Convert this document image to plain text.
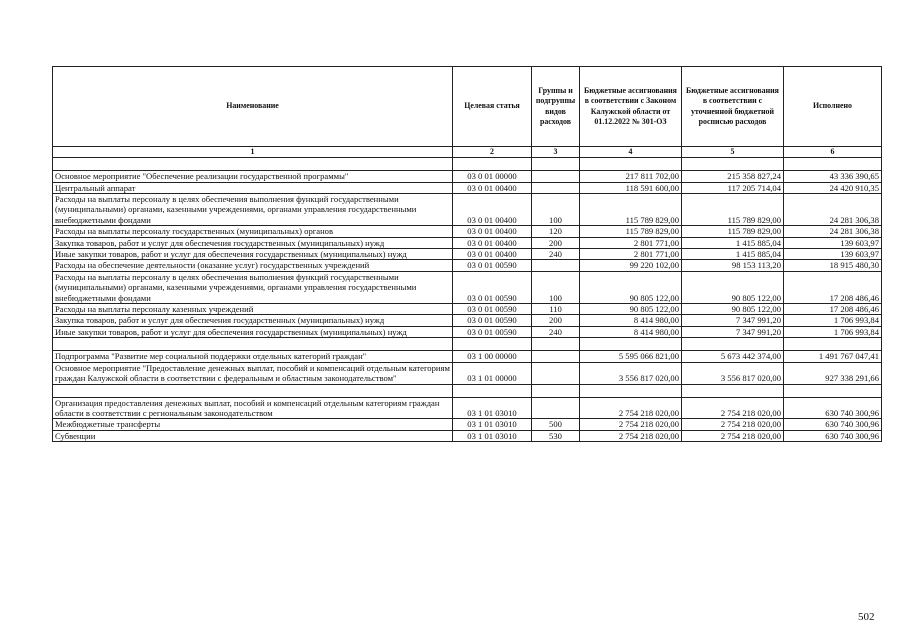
Наименование	Целевая статья	Группы и подгруппы видов расходов	Бюджетные ассигнования в соответствии с Законом Калужской области от 01.12.2022 № 301-ОЗ	Бюджетные ассигнования в соответствии с уточненной бюджетной росписью расходов	Исполнено
1	2	3	4	5	6

Основное мероприятие "Обеспечение реализации государственной программы"	03 0 01 00000		217 811 702,00	215 358 827,24	43 336 390,65
Центральный аппарат	03 0 01 00400		118 591 600,00	117 205 714,04	24 420 910,35
Расходы на выплаты персоналу в целях обеспечения выполнения функций государственными (муниципальными) органами, казенными учреждениями, органами управления государственными внебюджетными фондами	03 0 01 00400	100	115 789 829,00	115 789 829,00	24 281 306,38
Расходы на выплаты персоналу государственных (муниципальных) органов	03 0 01 00400	120	115 789 829,00	115 789 829,00	24 281 306,38
Закупка товаров, работ и услуг для обеспечения государственных (муниципальных) нужд	03 0 01 00400	200	2 801 771,00	1 415 885,04	139 603,97
Иные закупки товаров, работ и услуг для обеспечения государственных (муниципальных) нужд	03 0 01 00400	240	2 801 771,00	1 415 885,04	139 603,97
Расходы на обеспечение деятельности (оказание услуг) государственных учреждений	03 0 01 00590		99 220 102,00	98 153 113,20	18 915 480,30
Расходы на выплаты персоналу в целях обеспечения выполнения функций государственными (муниципальными) органами, казенными учреждениями, органами управления государственными внебюджетными фондами	03 0 01 00590	100	90 805 122,00	90 805 122,00	17 208 486,46
Расходы на выплаты персоналу казенных учреждений	03 0 01 00590	110	90 805 122,00	90 805 122,00	17 208 486,46
Закупка товаров, работ и услуг для обеспечения государственных (муниципальных) нужд	03 0 01 00590	200	8 414 980,00	7 347 991,20	1 706 993,84
Иные закупки товаров, работ и услуг для обеспечения государственных (муниципальных) нужд	03 0 01 00590	240	8 414 980,00	7 347 991,20	1 706 993,84

Подпрограмма "Развитие мер социальной поддержки отдельных категорий граждан"	03 1 00 00000		5 595 066 821,00	5 673 442 374,00	1 491 767 047,41
Основное мероприятие "Предоставление денежных выплат, пособий и компенсаций отдельным категориям граждан Калужской области в соответствии с федеральным и областным законодательством"	03 1 01 00000		3 556 817 020,00	3 556 817 020,00	927 338 291,66

Организация предоставления денежных выплат, пособий и компенсаций отдельным категориям граждан области в соответствии с региональным законодательством	03 1 01 03010		2 754 218 020,00	2 754 218 020,00	630 740 300,96
Межбюджетные трансферты	03 1 01 03010	500	2 754 218 020,00	2 754 218 020,00	630 740 300,96
Субвенции	03 1 01 03010	530	2 754 218 020,00	2 754 218 020,00	630 740 300,96
502
